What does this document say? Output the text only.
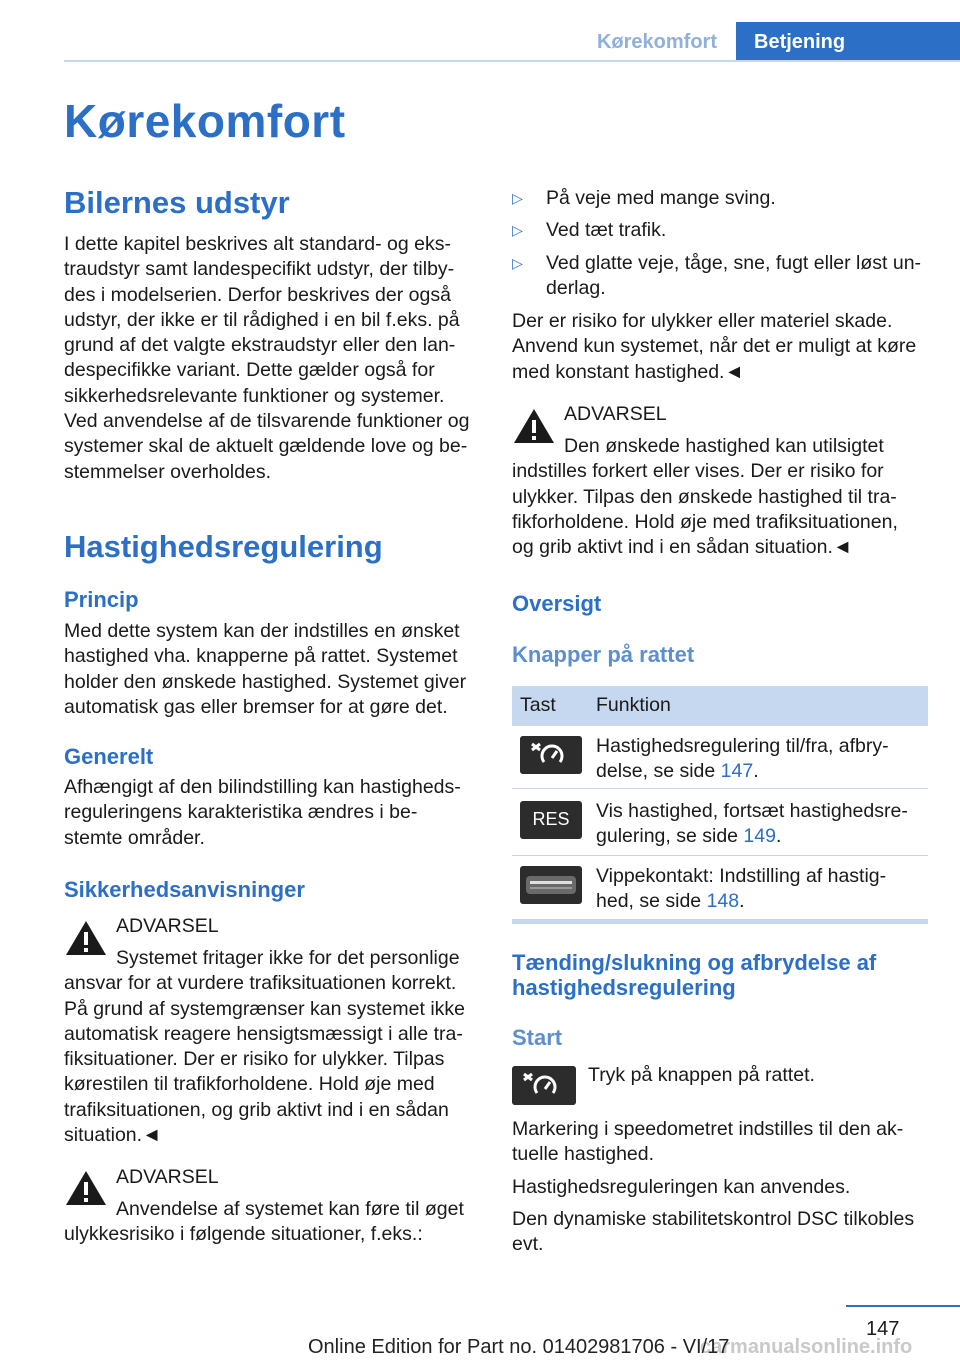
Kørekomfort	Betjening
Kørekomfort
Bilernes udstyr
I dette kapitel beskrives alt standard- og eks-
traudstyr samt landespecifikt udstyr, der tilby-
des i modelserien. Derfor beskrives der også
udstyr, der ikke er til rådighed i en bil f.eks. på
grund af det valgte ekstraudstyr eller den lan-
despecifikke variant. Dette gælder også for
sikkerhedsrelevante funktioner og systemer.
Ved anvendelse af de tilsvarende funktioner og
systemer skal de aktuelt gældende love og be-
stemmelser overholdes.
Hastighedsregulering
Princip
Med dette system kan der indstilles en ønsket
hastighed vha. knapperne på rattet. Systemet
holder den ønskede hastighed. Systemet giver
automatisk gas eller bremser for at gøre det.
Generelt
Afhængigt af den bilindstilling kan hastigheds-
reguleringens karakteristika ændres i be-
stemte områder.
Sikkerhedsanvisninger
ADVARSEL
Systemet fritager ikke for det personlige
ansvar for at vurdere trafiksituationen korrekt.
På grund af systemgrænser kan systemet ikke
automatisk reagere hensigtsmæssigt i alle tra-
fiksituationer. Der er risiko for ulykker. Tilpas
kørestilen til trafikforholdene. Hold øje med
trafiksituationen, og grib aktivt ind i en sådan
situation.◄
ADVARSEL
Anvendelse af systemet kan føre til øget
ulykkesrisiko i følgende situationer, f.eks.:
▷ På veje med mange sving.
▷ Ved tæt trafik.
▷ Ved glatte veje, tåge, sne, fugt eller løst un-
derlag.
Der er risiko for ulykker eller materiel skade.
Anvend kun systemet, når det er muligt at køre
med konstant hastighed.◄
ADVARSEL
Den ønskede hastighed kan utilsigtet
indstilles forkert eller vises. Der er risiko for
ulykker. Tilpas den ønskede hastighed til tra-
fikforholdene. Hold øje med trafiksituationen,
og grib aktivt ind i en sådan situation.◄
Oversigt
Knapper på rattet
Tast Funktion
Hastighedsregulering til/fra, afbry-
delse, se side 147.
RES	Vis hastighed, fortsæt hastighedsre-
gulering, se side 149.
Vippekontakt: Indstilling af hastig-
hed, se side 148.
Tænding/slukning og afbrydelse af
hastighedsregulering
Start
Tryk på knappen på rattet.
Markering i speedometret indstilles til den ak-
tuelle hastighed.
Hastighedsreguleringen kan anvendes.
Den dynamiske stabilitetskontrol DSC tilkobles
evt.
147
carmanualsonline.info
Online Edition for Part no. 01402981706 - VI/17
